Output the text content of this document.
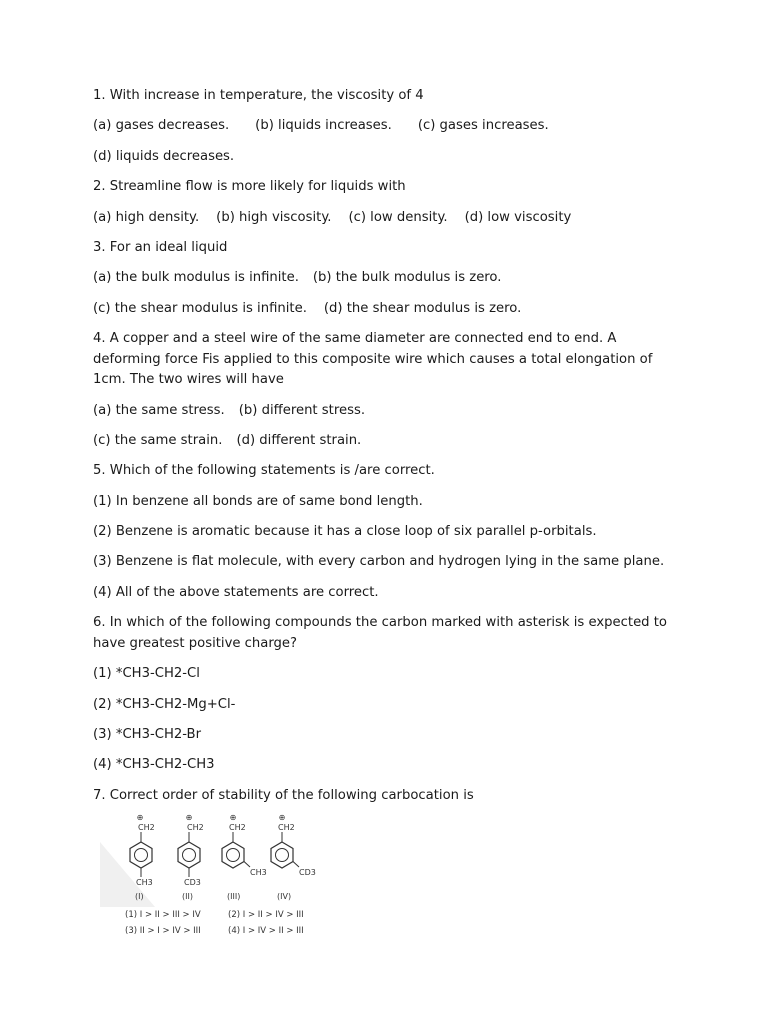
1. With increase in temperature, the viscosity of 4

(a) gases decreases. (b) liquids increases. (c) gases increases.

(d) liquids decreases.

2. Streamline flow is more likely for liquids with

(a) high density. (b) high viscosity. (c) low density. (d) low viscosity

3. For an ideal liquid

(a) the bulk modulus is infinite. (b) the bulk modulus is zero.

(c) the shear modulus is infinite. (d) the shear modulus is zero.

4. A copper and a steel wire of the same diameter are connected end to end. A deforming force Fis applied to this composite wire which causes a total elongation of 1cm. The two wires will have

(a) the same stress. (b) different stress.

(c) the same strain. (d) different strain.

5. Which of the following statements is /are correct.

(1) In benzene all bonds are of same bond length.

(2) Benzene is aromatic because it has a close loop of six parallel p-orbitals.

(3) Benzene is flat molecule, with every carbon and hydrogen lying in the same plane.

(4) All of the above statements are correct.

6. In which of the following compounds the carbon marked with asterisk is expected to have greatest positive charge?

(1) *CH3-CH2-Cl

(2) *CH3-CH2-Mg+Cl-

(3) *CH3-CH2-Br

(4) *CH3-CH2-CH3

7. Correct order of stability of the following carbocation is

⊕
CH2
CH3
(I)
⊕
CH2
CD3
(II)
⊕
CH2
CH3
(III)
⊕
CH2
CD3
(IV)
(1) I > II > III > IV	(2) I > II > IV > III
(3) II > I > IV > III	(4) I > IV > II > III
